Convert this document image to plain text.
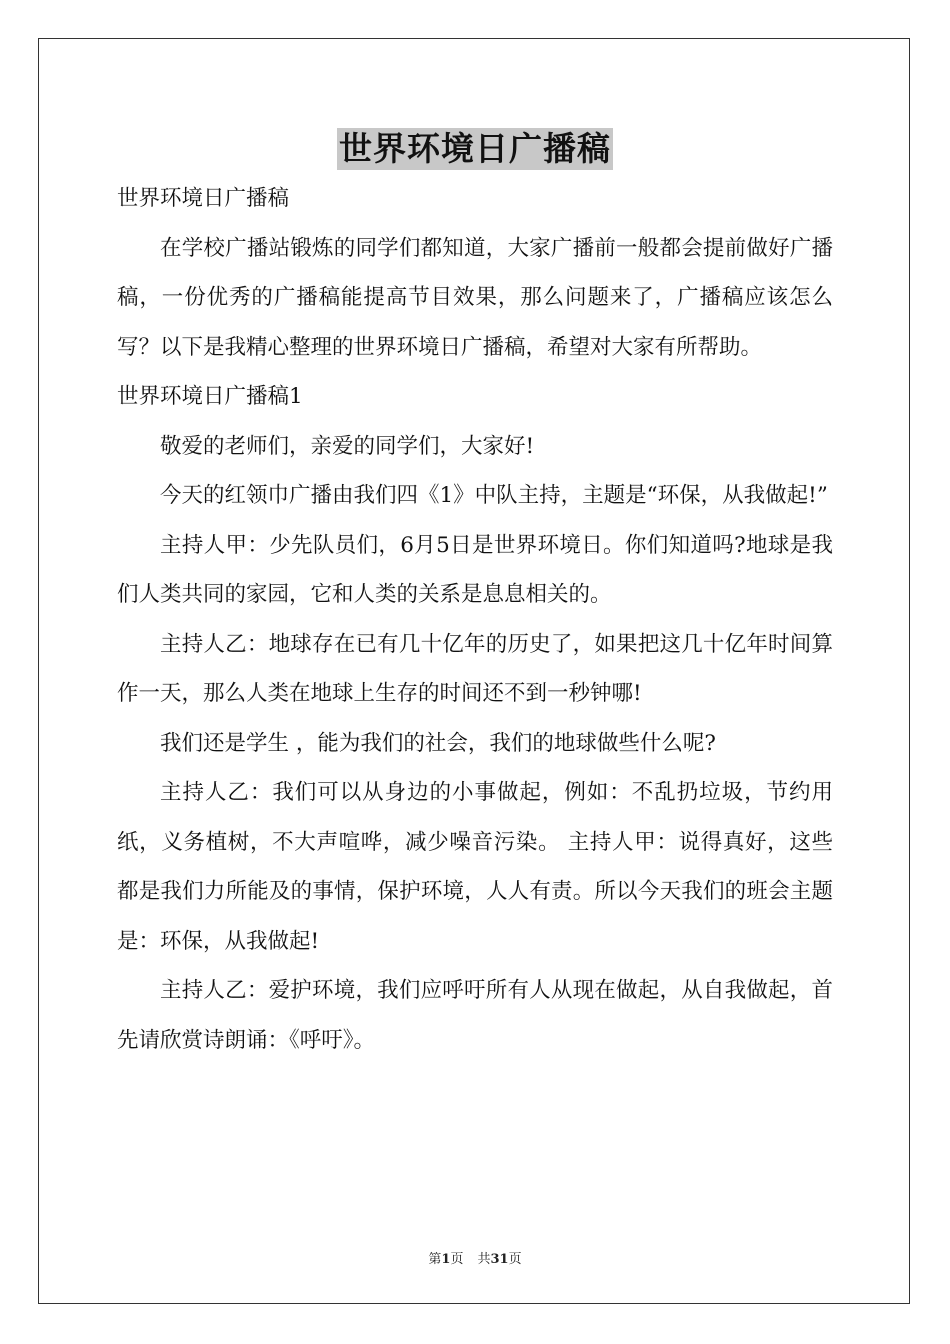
世界环境日广播稿

世界环境日广播稿

在学校广播站锻炼的同学们都知道，大家广播前一般都会提前做好广播稿，一份优秀的广播稿能提高节目效果，那么问题来了，广播稿应该怎么写？以下是我精心整理的世界环境日广播稿，希望对大家有所帮助。

世界环境日广播稿1

敬爱的老师们，亲爱的同学们，大家好!

今天的红领巾广播由我们四《1》中队主持，主题是“环保，从我做起!”

主持人甲：少先队员们，6月5日是世界环境日。你们知道吗?地球是我们人类共同的家园，它和人类的关系是息息相关的。

主持人乙：地球存在已有几十亿年的历史了，如果把这几十亿年时间算作一天，那么人类在地球上生存的时间还不到一秒钟哪!

我们还是学生 ，能为我们的社会，我们的地球做些什么呢?

主持人乙：我们可以从身边的小事做起，例如：不乱扔垃圾，节约用纸，义务植树，不大声喧哗，减少噪音污染。 主持人甲：说得真好，这些都是我们力所能及的事情，保护环境，人人有责。所以今天我们的班会主题是：环保，从我做起!

主持人乙：爱护环境，我们应呼吁所有人从现在做起，从自我做起，首先请欣赏诗朗诵：《呼吁》。

第1页 共31页
